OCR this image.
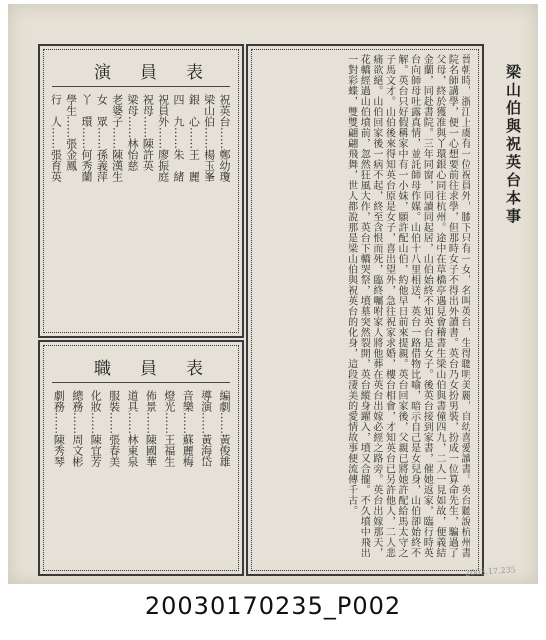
演　員　表
祝英台……鄭幼瓊
梁山伯……楊玉峯
銀　心……王　麗
四　九……朱　緒
祝員外……廖振庭
祝母……陳許英
梁母……林怡慈
老婆子……陳漢生
女　眾……孫義萍
丫　環……何秀蘭
學生……張金鳳
行　人……張育英
職　員　表
編劇……黃俊雄
導演……黃海岱
音樂……蘇麗梅
燈光……王福生
佈景……陳國華
道具……林東泉
服裝……張春美
化妝……陳宜芳
總務……周文彬
劇務……陳秀琴	晉朝時，浙江上虞有一位祝員外，膝下只有一女，名叫英台，生得聰明美麗，自幼喜愛讀書。英台聽說杭州書院名師講學，便一心想要前往求學，但那時女子不得出外讀書。英台乃女扮男裝，扮成一位算命先生，騙過了父母，終於獲准與丫環銀心同往杭州。途中在草橋亭遇見會稽書生梁山伯與書僮四九，二人一見如故，便義結金蘭，同赴書院。三年同窗，同讀同起居，山伯始終不知英台是女子。後英台接到家書，催她返家，臨行時英台向師母吐露真情，並託師母作媒。山伯十八里相送，英台一路借物比喻，暗示自己是女兒身，山伯卻始終不解。英台只好假稱家中有一小妹，願許配山伯，約他早日前來提親。英台回家後，父親已將她許配給馬太守之子馬文才。山伯後來得知英台原是女子，喜出望外，急往祝家求婚，樓台相會，才知英台已另許他人，二人悲痛欲絕。山伯回家後一病不起，終至含恨而死，臨終囑咐家人將他葬在英台出嫁必經之路旁。英台出嫁那天，花轎經過山伯墳前，忽然狂風大作，英台下轎哭祭，墳墓突然裂開，英台縱身躍入，墳又合攏。不久墳中飛出一對彩蝶，雙雙翩翩飛舞，世人都說那是梁山伯與祝英台的化身，這段淒美的愛情故事便流傳千古。	梁山伯與祝英台本事
2003.17.235
20030170235_P002
